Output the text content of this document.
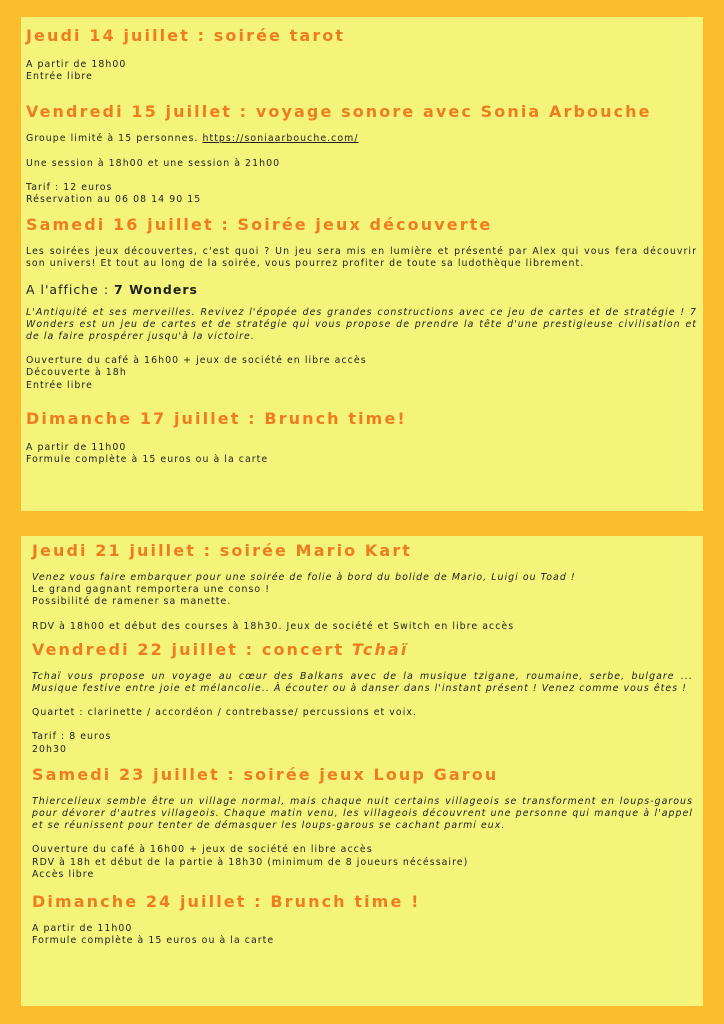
Jeudi 14 juillet : soirée tarot

A partir de 18h00

Entrée libre

Vendredi 15 juillet : voyage sonore avec Sonia Arbouche

Groupe limité à 15 personnes. https://soniaarbouche.com/

Une session à 18h00 et une session à 21h00

Tarif : 12 euros

Réservation au 06 08 14 90 15

Samedi 16 juillet : Soirée jeux découverte

Les soirées jeux découvertes, c'est quoi ? Un jeu sera mis en lumière et présenté par Alex qui vous fera découvrir son univers! Et tout au long de la soirée, vous pourrez profiter de toute sa ludothèque librement.

A l'affiche : 7 Wonders

L'Antiquité et ses merveilles. Revivez l'épopée des grandes constructions avec ce jeu de cartes et de stratégie ! 7 Wonders est un jeu de cartes et de stratégie qui vous propose de prendre la tête d'une prestigieuse civilisation et de la faire prospérer jusqu'à la victoire.

Ouverture du café à 16h00 + jeux de société en libre accès

Découverte à 18h

Entrée libre

Dimanche 17 juillet : Brunch time!

A partir de 11h00

Formule complète à 15 euros ou à la carte

Jeudi 21 juillet : soirée Mario Kart

Venez vous faire embarquer pour une soirée de folie à bord du bolide de Mario, Luigi ou Toad !

Le grand gagnant remportera une conso !

Possibilité de ramener sa manette.

RDV à 18h00 et début des courses à 18h30. Jeux de société et Switch en libre accès

Vendredi 22 juillet : concert Tchaï

Tchaï vous propose un voyage au cœur des Balkans avec de la musique tzigane, roumaine, serbe, bulgare ... Musique festive entre joie et mélancolie.. À écouter ou à danser dans l'instant présent ! Venez comme vous êtes !

Quartet : clarinette / accordéon / contrebasse/ percussions et voix.

Tarif : 8 euros

20h30

Samedi 23 juillet : soirée jeux Loup Garou

Thiercelieux semble être un village normal, mais chaque nuit certains villageois se transforment en loups-garous pour dévorer d'autres villageois. Chaque matin venu, les villageois découvrent une personne qui manque à l'appel et se réunissent pour tenter de démasquer les loups-garous se cachant parmi eux.

Ouverture du café à 16h00 + jeux de société en libre accès

RDV à 18h et début de la partie à 18h30 (minimum de 8 joueurs nécéssaire)

Accès libre

Dimanche 24 juillet : Brunch time !

A partir de 11h00

Formule complète à 15 euros ou à la carte
